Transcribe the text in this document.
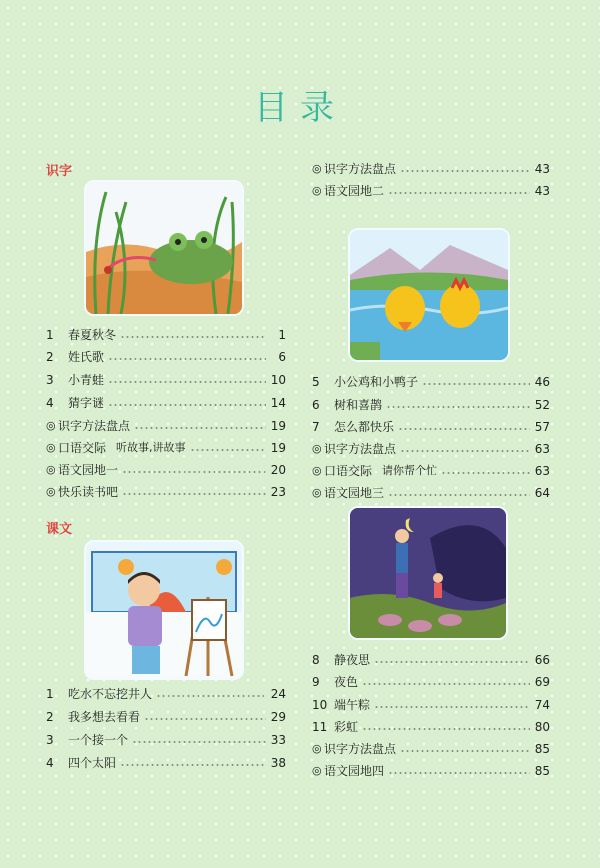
目录
识字
课文
1	春夏秋冬	1
2	姓氏歌	6
3	小青蛙	10
4	猜字谜	14
◎ 识字方法盘点	19
◎ 口语交际 听故事,讲故事	19
◎ 语文园地一	20
◎ 快乐读书吧	23
1	吃水不忘挖井人	24
2	我多想去看看	29
3	一个接一个	33
4	四个太阳	38
◎ 识字方法盘点	43
◎ 语文园地二	43
5	小公鸡和小鸭子	46
6	树和喜鹊	52
7	怎么都快乐	57
◎ 识字方法盘点	63
◎ 口语交际 请你帮个忙	63
◎ 语文园地三	64
8	静夜思	66
9	夜色	69
10 端午粽	74
11 彩虹	80
◎ 识字方法盘点	85
◎ 语文园地四	85
